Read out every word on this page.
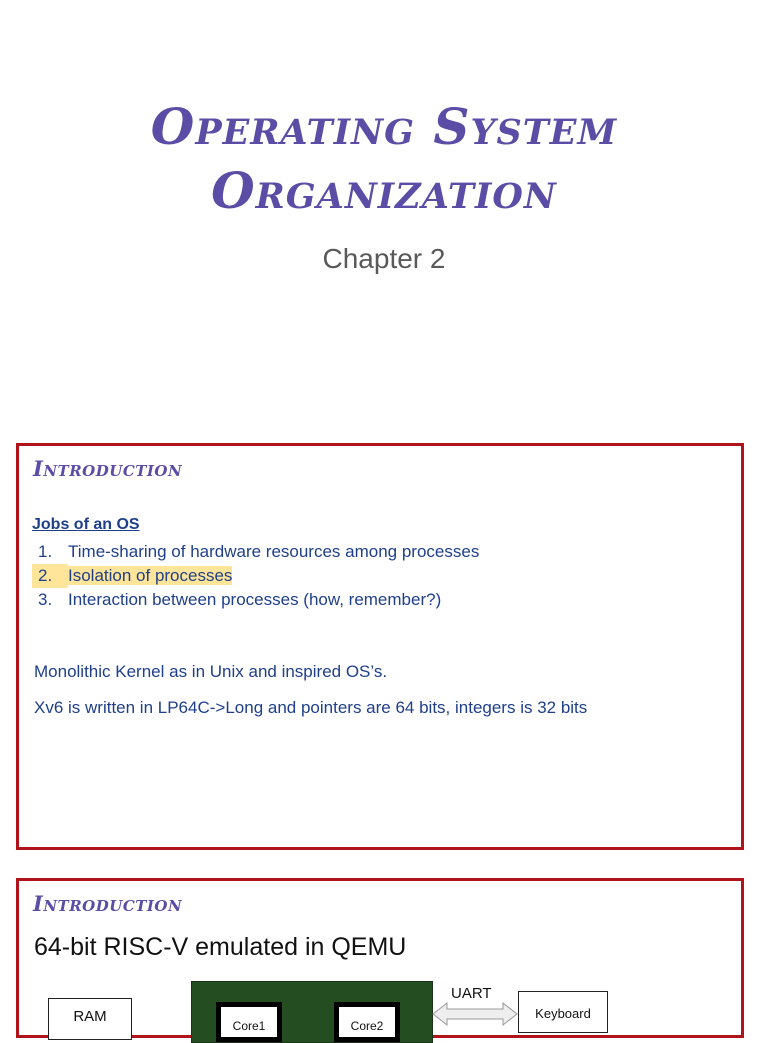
Operating System
Organization
Chapter 2
Introduction
Jobs of an OS
1. Time-sharing of hardware resources among processes
2. Isolation of processes
3. Interaction between processes (how, remember?)
Monolithic Kernel as in Unix and inspired OS’s.
Xv6 is written in LP64C->Long and pointers are 64 bits, integers is 32 bits
Introduction
64-bit RISC-V emulated in QEMU
RAM
Core1	Core2
UART
Keyboard
